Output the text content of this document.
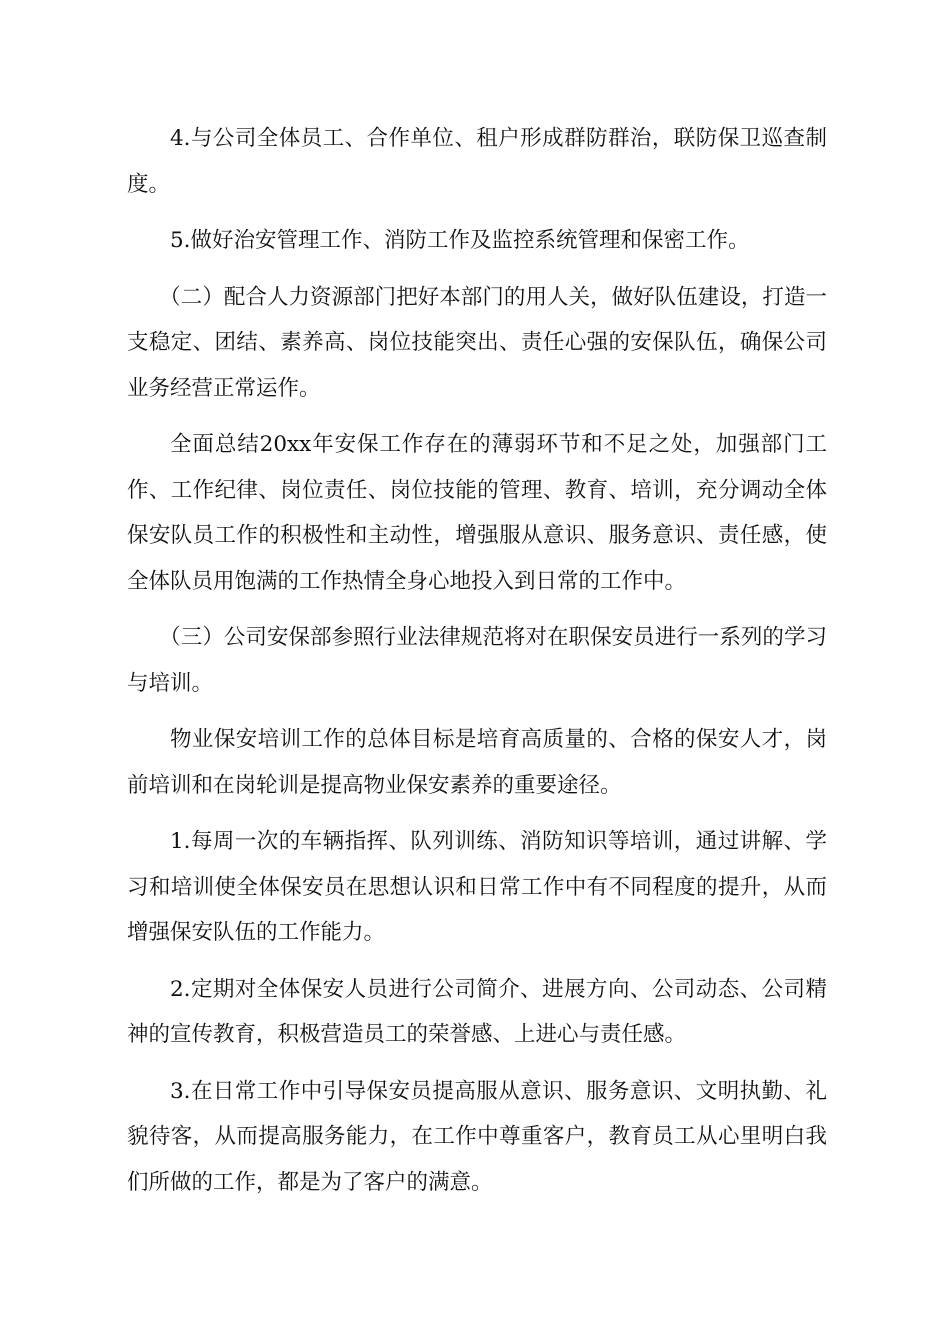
4.与公司全体员工、合作单位、租户形成群防群治，联防保卫巡查制度。

5.做好治安管理工作、消防工作及监控系统管理和保密工作。

（二）配合人力资源部门把好本部门的用人关，做好队伍建设，打造一支稳定、团结、素养高、岗位技能突出、责任心强的安保队伍，确保公司业务经营正常运作。

全面总结20xx年安保工作存在的薄弱环节和不足之处，加强部门工作、工作纪律、岗位责任、岗位技能的管理、教育、培训，充分调动全体保安队员工作的积极性和主动性，增强服从意识、服务意识、责任感，使全体队员用饱满的工作热情全身心地投入到日常的工作中。

（三）公司安保部参照行业法律规范将对在职保安员进行一系列的学习与培训。

物业保安培训工作的总体目标是培育高质量的、合格的保安人才，岗前培训和在岗轮训是提高物业保安素养的重要途径。

1.每周一次的车辆指挥、队列训练、消防知识等培训，通过讲解、学习和培训使全体保安员在思想认识和日常工作中有不同程度的提升，从而增强保安队伍的工作能力。

2.定期对全体保安人员进行公司简介、进展方向、公司动态、公司精神的宣传教育，积极营造员工的荣誉感、上进心与责任感。

3.在日常工作中引导保安员提高服从意识、服务意识、文明执勤、礼貌待客，从而提高服务能力，在工作中尊重客户，教育员工从心里明白我们所做的工作，都是为了客户的满意。
